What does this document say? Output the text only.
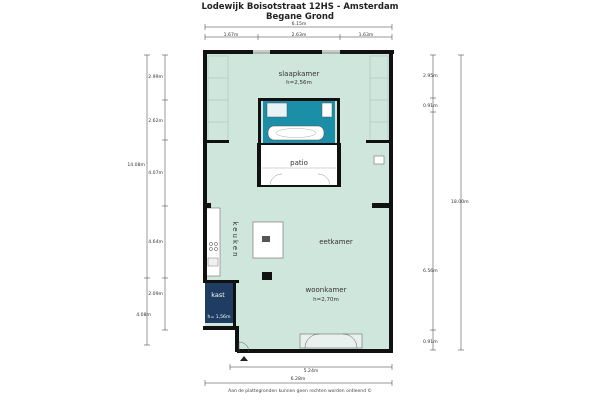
Lodewijk Boisotstraat 12HS - Amsterdam
Begane Grond
6.15m
1.67m	2.63m	1.63m
14.08m
2.99m
2.62m
4.07m
4.64m
2.09m
4.08m
2.95m
0.91m
6.56m
0.91m
18.00m
5.24m
6.28m
slaapkamer
h=2,56m
patio
keuken	eetkamer
woonkamer
h=2,70m
kast
h= 1,56m
Aan de plattegronden kunnen geen rechten worden ontleend ©
